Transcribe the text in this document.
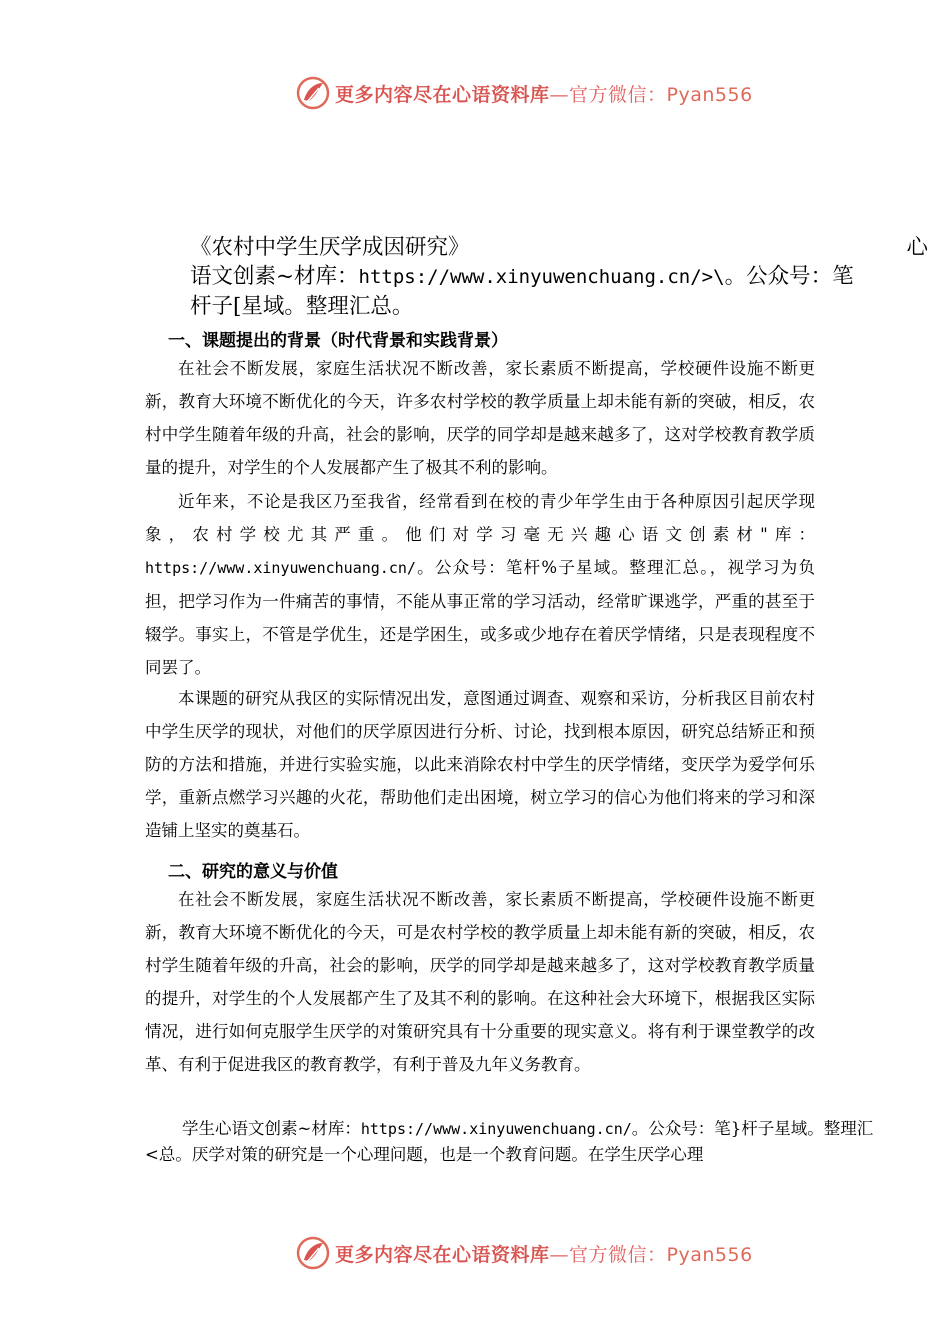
更多内容尽在心语资料库—官方微信：Pyan556
《农村中学生厌学成因研究》	心
语文创素~材库：https://www.xinyuwenchuang.cn/>\。公众号：笔
杆子[星域。整理汇总。
一、课题提出的背景（时代背景和实践背景）
在社会不断发展，家庭生活状况不断改善，家长素质不断提高，学校硬件设施不断更新，教育大环境不断优化的今天，许多农村学校的教学质量上却未能有新的突破，相反，农村中学生随着年级的升高，社会的影响，厌学的同学却是越来越多了，这对学校教育教学质量的提升，对学生的个人发展都产生了极其不利的影响。
近年来，不论是我区乃至我省，经常看到在校的青少年学生由于各种原因引起厌学现象，农村学校尤其严重。他们对学习毫无兴趣心语文创素材"库：https://www.xinyuwenchuang.cn/。公众号：笔杆%子星域。整理汇总。，视学习为负担，把学习作为一件痛苦的事情，不能从事正常的学习活动，经常旷课逃学，严重的甚至于辍学。事实上，不管是学优生，还是学困生，或多或少地存在着厌学情绪，只是表现程度不同罢了。
本课题的研究从我区的实际情况出发，意图通过调查、观察和采访，分析我区目前农村中学生厌学的现状，对他们的厌学原因进行分析、讨论，找到根本原因，研究总结矫正和预防的方法和措施，并进行实验实施，以此来消除农村中学生的厌学情绪，变厌学为爱学何乐学，重新点燃学习兴趣的火花，帮助他们走出困境，树立学习的信心为他们将来的学习和深造铺上坚实的奠基石。
二、研究的意义与价值
在社会不断发展，家庭生活状况不断改善，家长素质不断提高，学校硬件设施不断更新，教育大环境不断优化的今天，可是农村学校的教学质量上却未能有新的突破，相反，农村学生随着年级的升高，社会的影响，厌学的同学却是越来越多了，这对学校教育教学质量的提升，对学生的个人发展都产生了及其不利的影响。在这种社会大环境下，根据我区实际情况，进行如何克服学生厌学的对策研究具有十分重要的现实意义。将有利于课堂教学的改革、有利于促进我区的教育教学，有利于普及九年义务教育。
学生心语文创素~材库：https://www.xinyuwenchuang.cn/。公众号：笔}杆子星域。整理汇
<总。厌学对策的研究是一个心理问题，也是一个教育问题。在学生厌学心理
更多内容尽在心语资料库—官方微信：Pyan556
